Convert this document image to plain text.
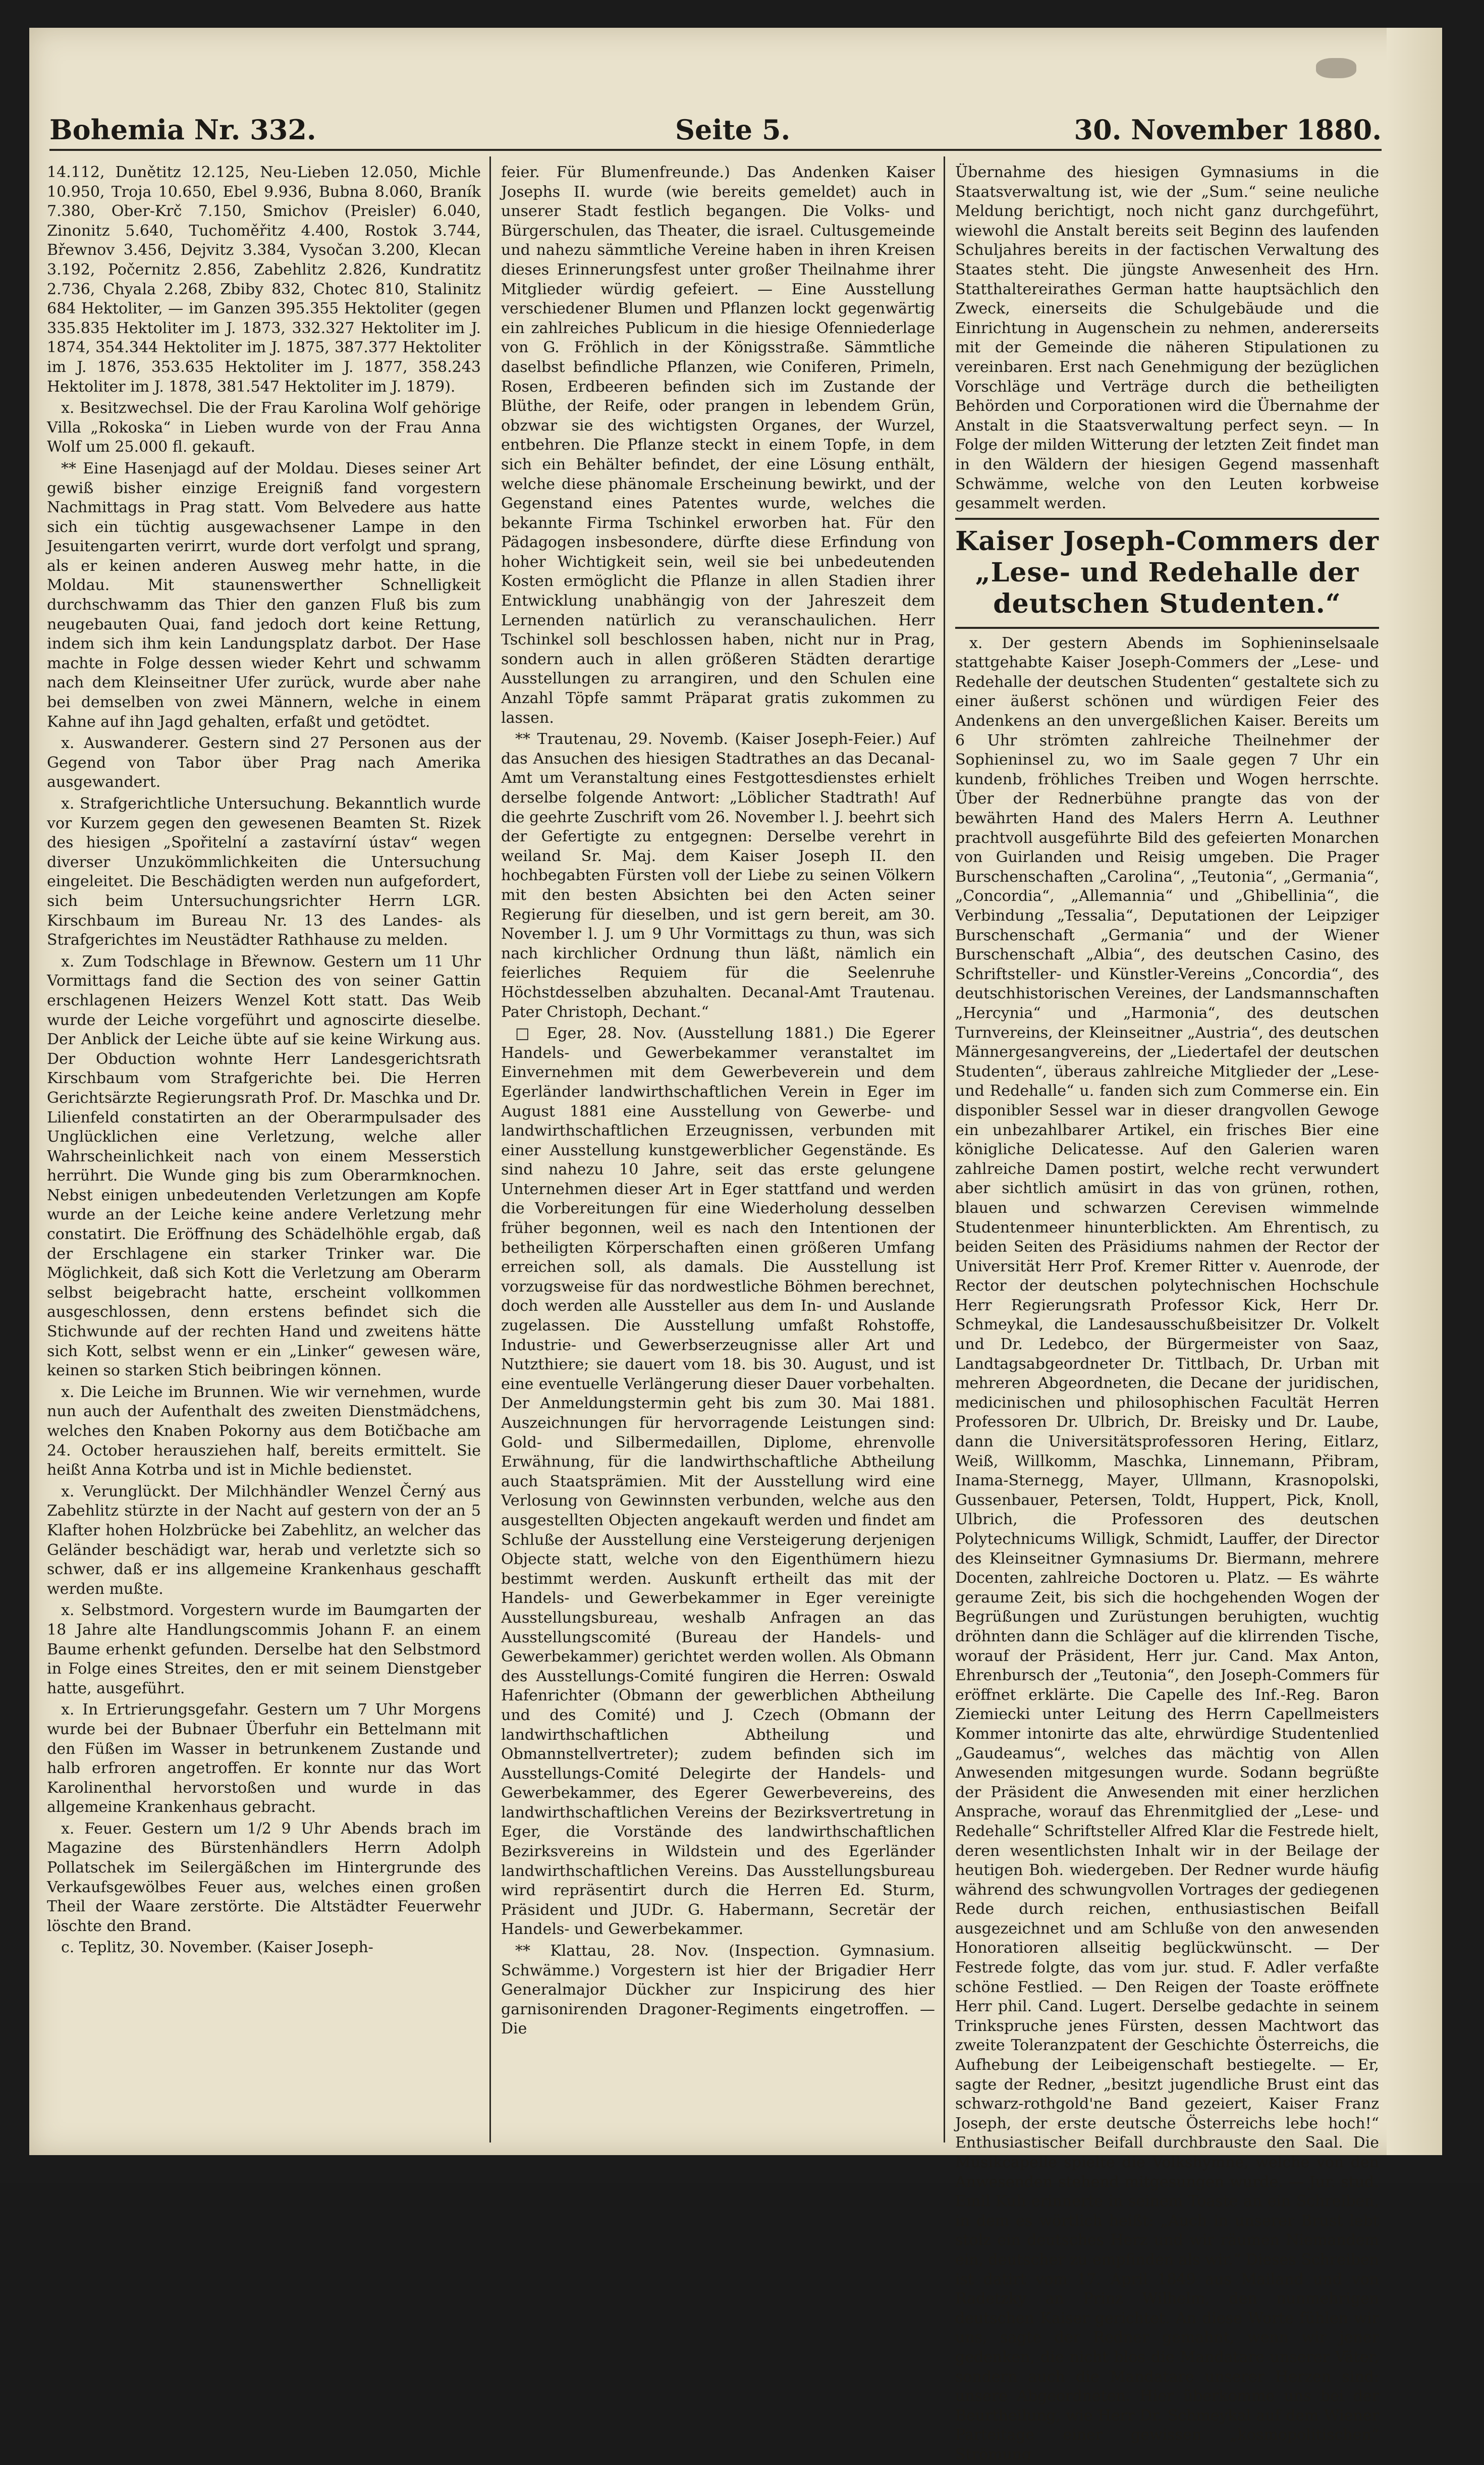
Bohemia Nr. 332.	Seite 5.	30. November 1880.

14.112, Dunětitz 12.125, Neu-Lieben 12.050, Michle 10.950, Troja 10.650, Ebel 9.936, Bubna 8.060, Braník 7.380, Ober-Krč 7.150, Smichov (Preisler) 6.040, Zinonitz 5.640, Tuchoměřitz 4.400, Rostok 3.744, Břewnov 3.456, Dejvitz 3.384, Vysočan 3.200, Klecan 3.192, Počernitz 2.856, Zabehlitz 2.826, Kundratitz 2.736, Chyala 2.268, Zbiby 832, Chotec 810, Stalinitz 684 Hektoliter, — im Ganzen 395.355 Hektoliter (gegen 335.835 Hektoliter im J. 1873, 332.327 Hektoliter im J. 1874, 354.344 Hektoliter im J. 1875, 387.377 Hektoliter im J. 1876, 353.635 Hektoliter im J. 1877, 358.243 Hektoliter im J. 1878, 381.547 Hektoliter im J. 1879).

x. Besitzwechsel. Die der Frau Karolina Wolf gehörige Villa „Rokoska“ in Lieben wurde von der Frau Anna Wolf um 25.000 fl. gekauft.

** Eine Hasenjagd auf der Moldau. Dieses seiner Art gewiß bisher einzige Ereigniß fand vorgestern Nachmittags in Prag statt. Vom Belvedere aus hatte sich ein tüchtig ausgewachsener Lampe in den Jesuitengarten verirrt, wurde dort verfolgt und sprang, als er keinen anderen Ausweg mehr hatte, in die Moldau. Mit staunenswerther Schnelligkeit durchschwamm das Thier den ganzen Fluß bis zum neugebauten Quai, fand jedoch dort keine Rettung, indem sich ihm kein Landungsplatz darbot. Der Hase machte in Folge dessen wieder Kehrt und schwamm nach dem Kleinseitner Ufer zurück, wurde aber nahe bei demselben von zwei Männern, welche in einem Kahne auf ihn Jagd gehalten, erfaßt und getödtet.

x. Auswanderer. Gestern sind 27 Personen aus der Gegend von Tabor über Prag nach Amerika ausgewandert.

x. Strafgerichtliche Untersuchung. Bekanntlich wurde vor Kurzem gegen den gewesenen Beamten St. Rizek des hiesigen „Spořitelní a zastavírní ústav“ wegen diverser Unzukömmlichkeiten die Untersuchung eingeleitet. Die Beschädigten werden nun aufgefordert, sich beim Untersuchungsrichter Herrn LGR. Kirschbaum im Bureau Nr. 13 des Landes- als Strafgerichtes im Neustädter Rathhause zu melden.

x. Zum Todschlage in Břewnow. Gestern um 11 Uhr Vormittags fand die Section des von seiner Gattin erschlagenen Heizers Wenzel Kott statt. Das Weib wurde der Leiche vorgeführt und agnoscirte dieselbe. Der Anblick der Leiche übte auf sie keine Wirkung aus. Der Obduction wohnte Herr Landesgerichtsrath Kirschbaum vom Strafgerichte bei. Die Herren Gerichtsärzte Regierungsrath Prof. Dr. Maschka und Dr. Lilienfeld constatirten an der Oberarmpulsader des Unglücklichen eine Verletzung, welche aller Wahrscheinlichkeit nach von einem Messerstich herrührt. Die Wunde ging bis zum Oberarmknochen. Nebst einigen unbedeutenden Verletzungen am Kopfe wurde an der Leiche keine andere Verletzung mehr constatirt. Die Eröffnung des Schädelhöhle ergab, daß der Erschlagene ein starker Trinker war. Die Möglichkeit, daß sich Kott die Verletzung am Oberarm selbst beigebracht hatte, erscheint vollkommen ausgeschlossen, denn erstens befindet sich die Stichwunde auf der rechten Hand und zweitens hätte sich Kott, selbst wenn er ein „Linker“ gewesen wäre, keinen so starken Stich beibringen können.

x. Die Leiche im Brunnen. Wie wir vernehmen, wurde nun auch der Aufenthalt des zweiten Dienstmädchens, welches den Knaben Pokorny aus dem Botičbache am 24. October herausziehen half, bereits ermittelt. Sie heißt Anna Kotrba und ist in Michle bedienstet.

x. Verunglückt. Der Milchhändler Wenzel Černý aus Zabehlitz stürzte in der Nacht auf gestern von der an 5 Klafter hohen Holzbrücke bei Zabehlitz, an welcher das Geländer beschädigt war, herab und verletzte sich so schwer, daß er ins allgemeine Krankenhaus geschafft werden mußte.

x. Selbstmord. Vorgestern wurde im Baumgarten der 18 Jahre alte Handlungscommis Johann F. an einem Baume erhenkt gefunden. Derselbe hat den Selbstmord in Folge eines Streites, den er mit seinem Dienstgeber hatte, ausgeführt.

x. In Ertrierungsgefahr. Gestern um 7 Uhr Morgens wurde bei der Bubnaer Überfuhr ein Bettelmann mit den Füßen im Wasser in betrunkenem Zustande und halb erfroren angetroffen. Er konnte nur das Wort Karolinenthal hervorstoßen und wurde in das allgemeine Krankenhaus gebracht.

x. Feuer. Gestern um 1/2 9 Uhr Abends brach im Magazine des Bürstenhändlers Herrn Adolph Pollatschek im Seilergäßchen im Hintergrunde des Verkaufsgewölbes Feuer aus, welches einen großen Theil der Waare zerstörte. Die Altstädter Feuerwehr löschte den Brand.

c. Teplitz, 30. November. (Kaiser Joseph-

feier. Für Blumenfreunde.) Das Andenken Kaiser Josephs II. wurde (wie bereits gemeldet) auch in unserer Stadt festlich begangen. Die Volks- und Bürgerschulen, das Theater, die israel. Cultusgemeinde und nahezu sämmtliche Vereine haben in ihren Kreisen dieses Erinnerungsfest unter großer Theilnahme ihrer Mitglieder würdig gefeiert. — Eine Ausstellung verschiedener Blumen und Pflanzen lockt gegenwärtig ein zahlreiches Publicum in die hiesige Ofenniederlage von G. Fröhlich in der Königsstraße. Sämmtliche daselbst befindliche Pflanzen, wie Coniferen, Primeln, Rosen, Erdbeeren befinden sich im Zustande der Blüthe, der Reife, oder prangen in lebendem Grün, obzwar sie des wichtigsten Organes, der Wurzel, entbehren. Die Pflanze steckt in einem Topfe, in dem sich ein Behälter befindet, der eine Lösung enthält, welche diese phänomale Erscheinung bewirkt, und der Gegenstand eines Patentes wurde, welches die bekannte Firma Tschinkel erworben hat. Für den Pädagogen insbesondere, dürfte diese Erfindung von hoher Wichtigkeit sein, weil sie bei unbedeutenden Kosten ermöglicht die Pflanze in allen Stadien ihrer Entwicklung unabhängig von der Jahreszeit dem Lernenden natürlich zu veranschaulichen. Herr Tschinkel soll beschlossen haben, nicht nur in Prag, sondern auch in allen größeren Städten derartige Ausstellungen zu arrangiren, und den Schulen eine Anzahl Töpfe sammt Präparat gratis zukommen zu lassen.

** Trautenau, 29. Novemb. (Kaiser Joseph-Feier.) Auf das Ansuchen des hiesigen Stadtrathes an das Decanal-Amt um Veranstaltung eines Festgottesdienstes erhielt derselbe folgende Antwort: „Löblicher Stadtrath! Auf die geehrte Zuschrift vom 26. November l. J. beehrt sich der Gefertigte zu entgegnen: Derselbe verehrt in weiland Sr. Maj. dem Kaiser Joseph II. den hochbegabten Fürsten voll der Liebe zu seinen Völkern mit den besten Absichten bei den Acten seiner Regierung für dieselben, und ist gern bereit, am 30. November l. J. um 9 Uhr Vormittags zu thun, was sich nach kirchlicher Ordnung thun läßt, nämlich ein feierliches Requiem für die Seelenruhe Höchstdesselben abzuhalten. Decanal-Amt Trautenau. Pater Christoph, Dechant.“

□ Eger, 28. Nov. (Ausstellung 1881.) Die Egerer Handels- und Gewerbekammer veranstaltet im Einvernehmen mit dem Gewerbeverein und dem Egerländer landwirthschaftlichen Verein in Eger im August 1881 eine Ausstellung von Gewerbe- und landwirthschaftlichen Erzeugnissen, verbunden mit einer Ausstellung kunstgewerblicher Gegenstände. Es sind nahezu 10 Jahre, seit das erste gelungene Unternehmen dieser Art in Eger stattfand und werden die Vorbereitungen für eine Wiederholung desselben früher begonnen, weil es nach den Intentionen der betheiligten Körperschaften einen größeren Umfang erreichen soll, als damals. Die Ausstellung ist vorzugsweise für das nordwestliche Böhmen berechnet, doch werden alle Aussteller aus dem In- und Auslande zugelassen. Die Ausstellung umfaßt Rohstoffe, Industrie- und Gewerbserzeugnisse aller Art und Nutzthiere; sie dauert vom 18. bis 30. August, und ist eine eventuelle Verlängerung dieser Dauer vorbehalten. Der Anmeldungstermin geht bis zum 30. Mai 1881. Auszeichnungen für hervorragende Leistungen sind: Gold- und Silbermedaillen, Diplome, ehrenvolle Erwähnung, für die landwirthschaftliche Abtheilung auch Staatsprämien. Mit der Ausstellung wird eine Verlosung von Gewinnsten verbunden, welche aus den ausgestellten Objecten angekauft werden und findet am Schluße der Ausstellung eine Versteigerung derjenigen Objecte statt, welche von den Eigenthümern hiezu bestimmt werden. Auskunft ertheilt das mit der Handels- und Gewerbekammer in Eger vereinigte Ausstellungsbureau, weshalb Anfragen an das Ausstellungscomité (Bureau der Handels- und Gewerbekammer) gerichtet werden wollen. Als Obmann des Ausstellungs-Comité fungiren die Herren: Oswald Hafenrichter (Obmann der gewerblichen Abtheilung und des Comité) und J. Czech (Obmann der landwirthschaftlichen Abtheilung und Obmannstellvertreter); zudem befinden sich im Ausstellungs-Comité Delegirte der Handels- und Gewerbekammer, des Egerer Gewerbevereins, des landwirthschaftlichen Vereins der Bezirksvertretung in Eger, die Vorstände des landwirthschaftlichen Bezirksvereins in Wildstein und des Egerländer landwirthschaftlichen Vereins. Das Ausstellungsbureau wird repräsentirt durch die Herren Ed. Sturm, Präsident und JUDr. G. Habermann, Secretär der Handels- und Gewerbekammer.

** Klattau, 28. Nov. (Inspection. Gymnasium. Schwämme.) Vorgestern ist hier der Brigadier Herr Generalmajor Dückher zur Inspicirung des hier garnisonirenden Dragoner-Regiments eingetroffen. — Die

Übernahme des hiesigen Gymnasiums in die Staatsverwaltung ist, wie der „Sum.“ seine neuliche Meldung berichtigt, noch nicht ganz durchgeführt, wiewohl die Anstalt bereits seit Beginn des laufenden Schuljahres bereits in der factischen Verwaltung des Staates steht. Die jüngste Anwesenheit des Hrn. Statthaltereirathes German hatte hauptsächlich den Zweck, einerseits die Schulgebäude und die Einrichtung in Augenschein zu nehmen, andererseits mit der Gemeinde die näheren Stipulationen zu vereinbaren. Erst nach Genehmigung der bezüglichen Vorschläge und Verträge durch die betheiligten Behörden und Corporationen wird die Übernahme der Anstalt in die Staatsverwaltung perfect seyn. — In Folge der milden Witterung der letzten Zeit findet man in den Wäldern der hiesigen Gegend massenhaft Schwämme, welche von den Leuten korbweise gesammelt werden.

Kaiser Joseph-Commers der „Lese- und Redehalle der deutschen Studenten.“

x. Der gestern Abends im Sophieninselsaale stattgehabte Kaiser Joseph-Commers der „Lese- und Redehalle der deutschen Studenten“ gestaltete sich zu einer äußerst schönen und würdigen Feier des Andenkens an den unvergeßlichen Kaiser. Bereits um 6 Uhr strömten zahlreiche Theilnehmer der Sophieninsel zu, wo im Saale gegen 7 Uhr ein kundenb, fröhliches Treiben und Wogen herrschte. Über der Rednerbühne prangte das von der bewährten Hand des Malers Herrn A. Leuthner prachtvoll ausgeführte Bild des gefeierten Monarchen von Guirlanden und Reisig umgeben. Die Prager Burschenschaften „Carolina“, „Teutonia“, „Germania“, „Concordia“, „Allemannia“ und „Ghibellinia“, die Verbindung „Tessalia“, Deputationen der Leipziger Burschenschaft „Germania“ und der Wiener Burschenschaft „Albia“, des deutschen Casino, des Schriftsteller- und Künstler-Vereins „Concordia“, des deutschhistorischen Vereines, der Landsmannschaften „Hercynia“ und „Harmonia“, des deutschen Turnvereins, der Kleinseitner „Austria“, des deutschen Männergesangvereins, der „Liedertafel der deutschen Studenten“, überaus zahlreiche Mitglieder der „Lese- und Redehalle“ u. fanden sich zum Commerse ein. Ein disponibler Sessel war in dieser drangvollen Gewoge ein unbezahlbarer Artikel, ein frisches Bier eine königliche Delicatesse. Auf den Galerien waren zahlreiche Damen postirt, welche recht verwundert aber sichtlich amüsirt in das von grünen, rothen, blauen und schwarzen Cerevisen wimmelnde Studentenmeer hinunterblickten. Am Ehrentisch, zu beiden Seiten des Präsidiums nahmen der Rector der Universität Herr Prof. Kremer Ritter v. Auenrode, der Rector der deutschen polytechnischen Hochschule Herr Regierungsrath Professor Kick, Herr Dr. Schmeykal, die Landesausschußbeisitzer Dr. Volkelt und Dr. Ledebco, der Bürgermeister von Saaz, Landtagsabgeordneter Dr. Tittlbach, Dr. Urban mit mehreren Abgeordneten, die Decane der juridischen, medicinischen und philosophischen Facultät Herren Professoren Dr. Ulbrich, Dr. Breisky und Dr. Laube, dann die Universitätsprofessoren Hering, Eitlarz, Weiß, Willkomm, Maschka, Linnemann, Přibram, Inama-Sternegg, Mayer, Ullmann, Krasnopolski, Gussenbauer, Petersen, Toldt, Huppert, Pick, Knoll, Ulbrich, die Professoren des deutschen Polytechnicums Willigk, Schmidt, Lauffer, der Director des Kleinseitner Gymnasiums Dr. Biermann, mehrere Docenten, zahlreiche Doctoren u. Platz. — Es währte geraume Zeit, bis sich die hochgehenden Wogen der Begrüßungen und Zurüstungen beruhigten, wuchtig dröhnten dann die Schläger auf die klirrenden Tische, worauf der Präsident, Herr jur. Cand. Max Anton, Ehrenbursch der „Teutonia“, den Joseph-Commers für eröffnet erklärte. Die Capelle des Inf.-Reg. Baron Ziemiecki unter Leitung des Herrn Capellmeisters Kommer intonirte das alte, ehrwürdige Studentenlied „Gaudeamus“, welches das mächtig von Allen Anwesenden mitgesungen wurde. Sodann begrüßte der Präsident die Anwesenden mit einer herzlichen Ansprache, worauf das Ehrenmitglied der „Lese- und Redehalle“ Schriftsteller Alfred Klar die Festrede hielt, deren wesentlichsten Inhalt wir in der Beilage der heutigen Boh. wiedergeben. Der Redner wurde häufig während des schwungvollen Vortrages der gediegenen Rede durch reichen, enthusiastischen Beifall ausgezeichnet und am Schluße von den anwesenden Honoratioren allseitig beglückwünscht. — Der Festrede folgte, das vom jur. stud. F. Adler verfaßte schöne Festlied. — Den Reigen der Toaste eröffnete Herr phil. Cand. Lugert. Derselbe gedachte in seinem Trinkspruche jenes Fürsten, dessen Machtwort das zweite Toleranzpatent der Geschichte Österreichs, die Aufhebung der Leibeigenschaft bestiegelte. — Er, sagte der Redner, „besitzt jugendliche Brust eint das schwarz-rothgold'ne Band gezeiert, Kaiser Franz Joseph, der erste deutsche Österreichs lebe hoch!“ Enthusiastischer Beifall durchbrauste den Saal. Die Musikcapelle spielte die Volkshymne, welche von den Anwesenden stehend mitgesungen wurde. — Jur. stud. Emil Kuh erinnerte in seinem Toaste an ein Schreiben, in dem es wörtlich heißt: „Auch in unserer Brust lebt stolz ein deutsches Herz und wir räumen Niemandem ein, deutscher zu empfinden als wir.“ Dieses Schreiben ist datirt vom 17. April 1849 aus Mailand und von Radetzky an Prinz Wilhelm, den nunmehrigen deutschen Kaiser gerichtet. An diese Worte fühlen wir uns, sagte der Redner gemahnt, wenn wir jener gedenken, die nicht blos die Mandatare unserer Väter, sondern auch die Mandatare unserer Herzen sind: unsere Abgeordneten. Hier überkomme uns bei der Beurtheilung, wie Herr Dr. Schmeykal auf dem Wiener Parteitage einer gewissen „kosmopolitischen“ Strömung
